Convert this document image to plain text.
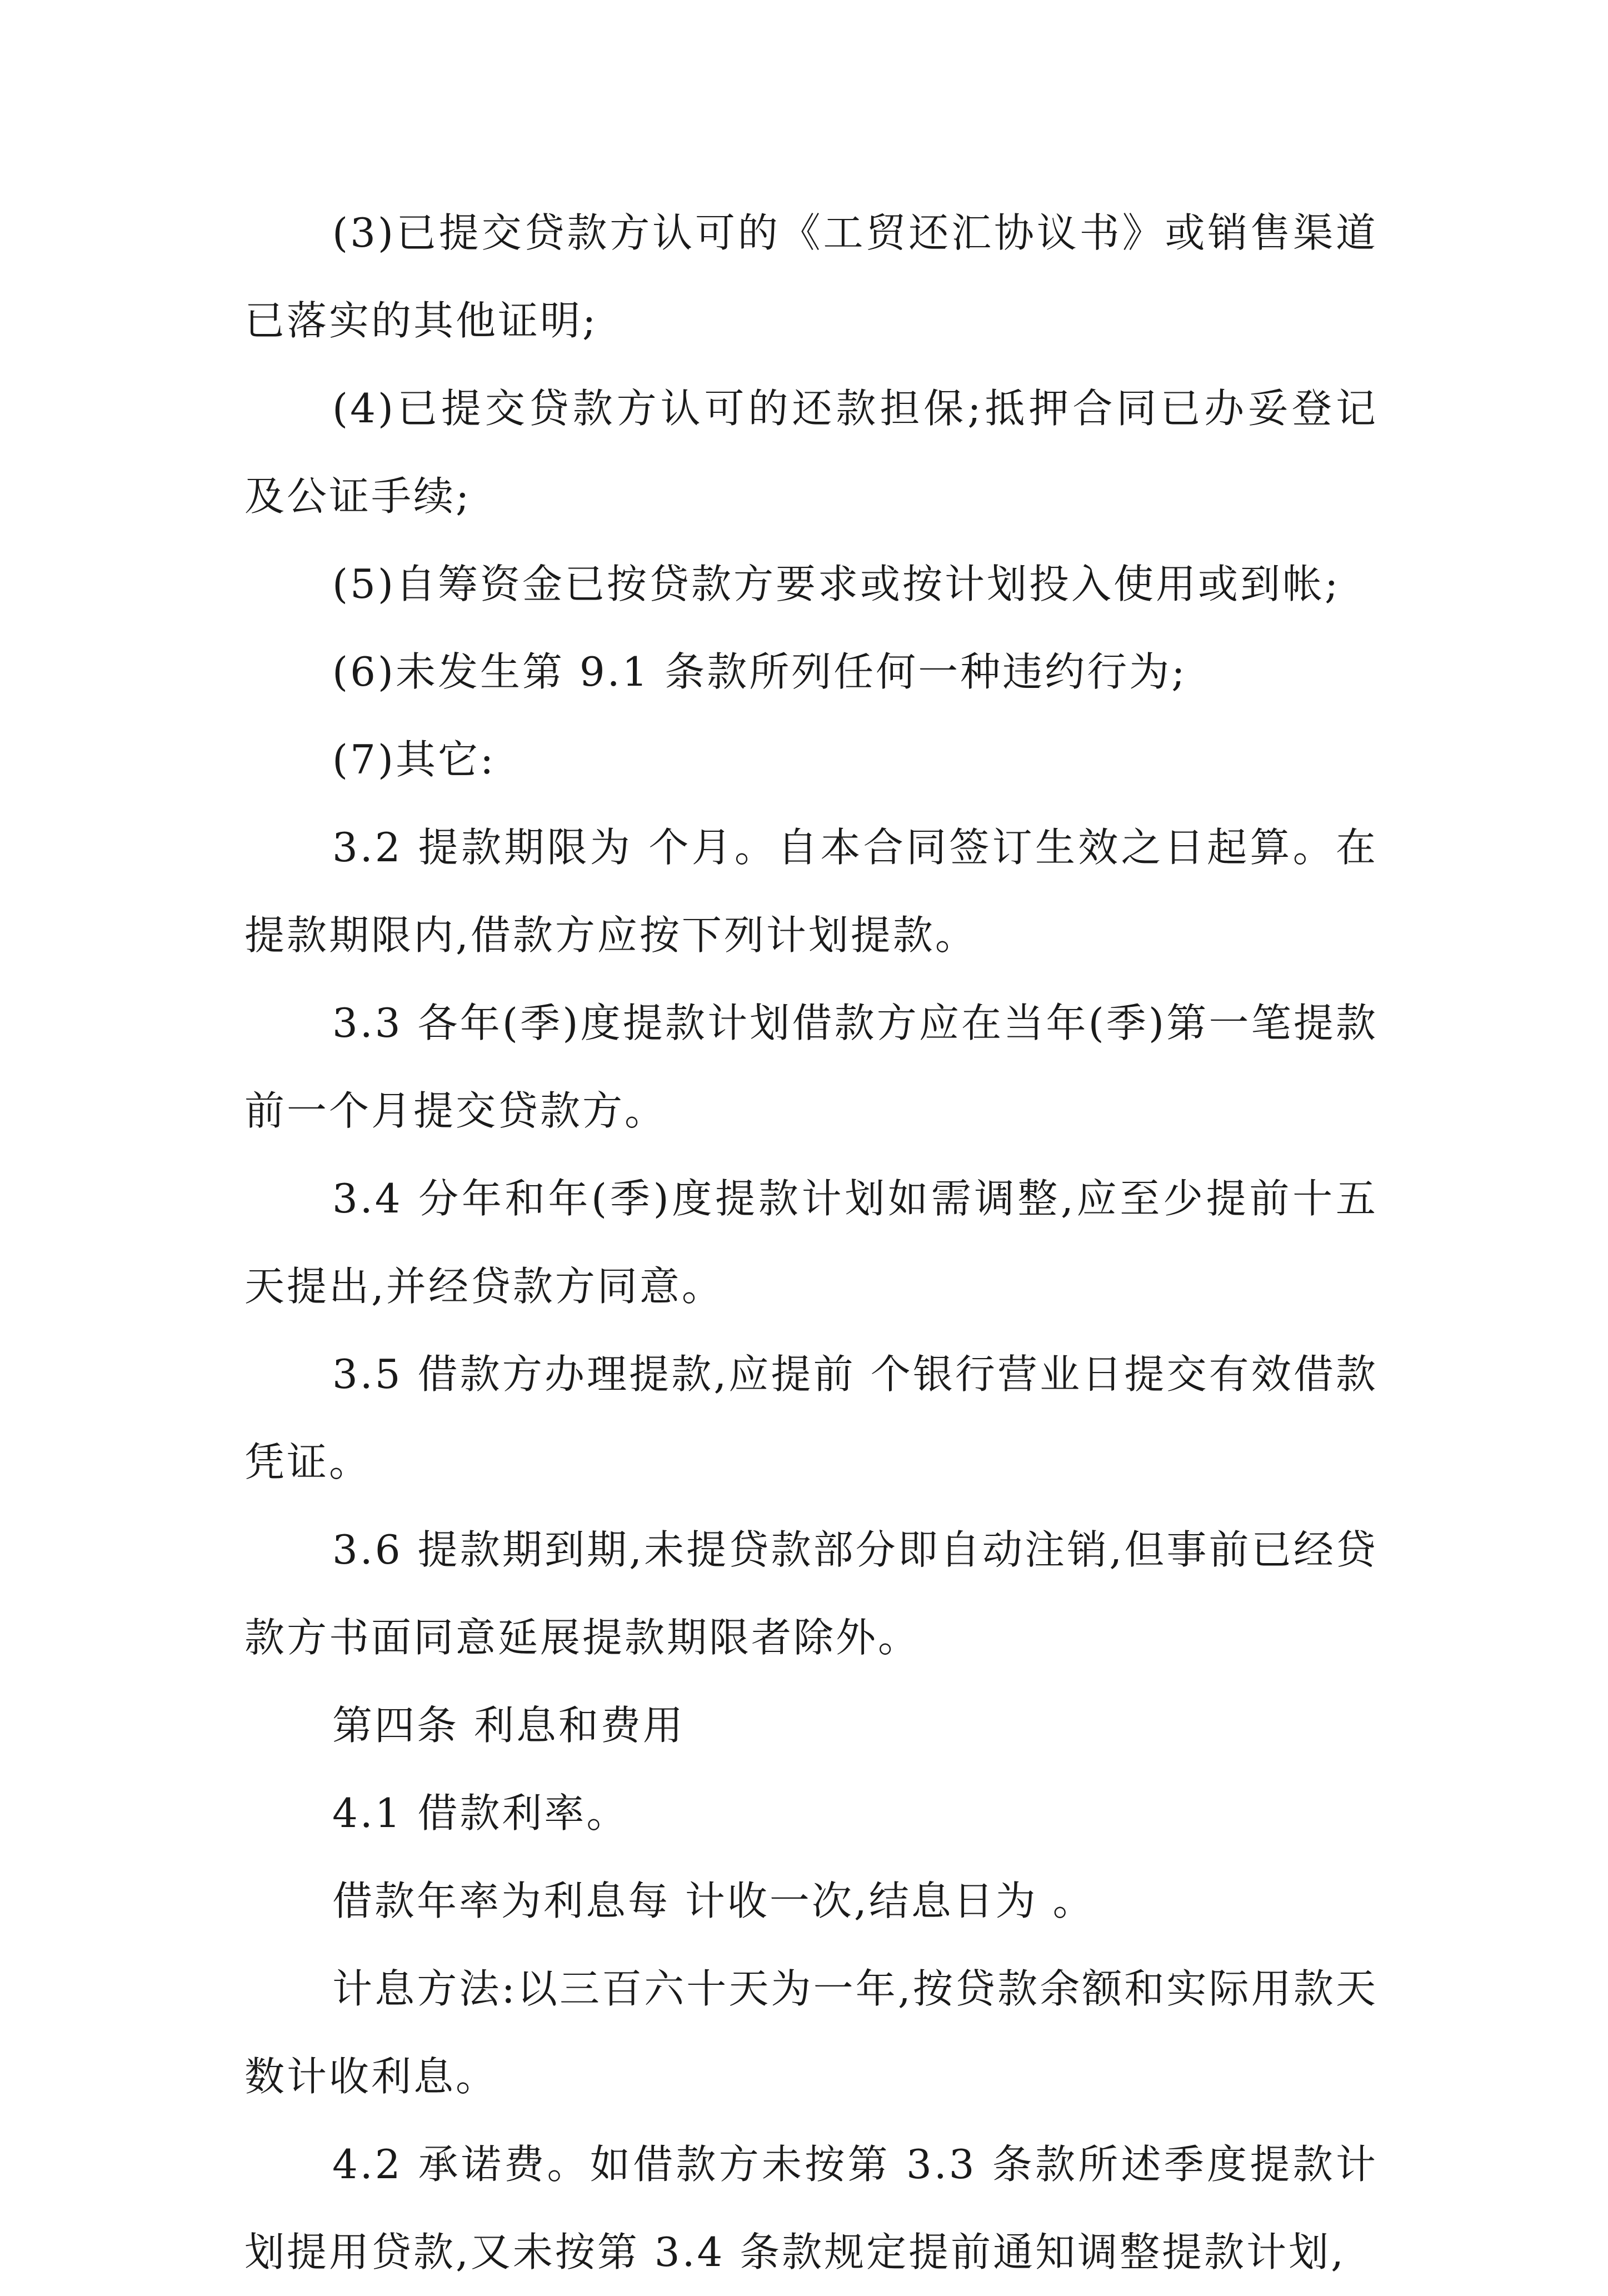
(3)已提交贷款方认可的《工贸还汇协议书》或销售渠道已落实的其他证明;

(4)已提交贷款方认可的还款担保;抵押合同已办妥登记及公证手续;

(5)自筹资金已按贷款方要求或按计划投入使用或到帐;

(6)未发生第 9.1 条款所列任何一种违约行为;

(7)其它:

3.2 提款期限为 个月。自本合同签订生效之日起算。在提款期限内,借款方应按下列计划提款。

3.3 各年(季)度提款计划借款方应在当年(季)第一笔提款前一个月提交贷款方。

3.4 分年和年(季)度提款计划如需调整,应至少提前十五天提出,并经贷款方同意。

3.5 借款方办理提款,应提前 个银行营业日提交有效借款凭证。

3.6 提款期到期,未提贷款部分即自动注销,但事前已经贷款方书面同意延展提款期限者除外。

第四条 利息和费用

4.1 借款利率。

借款年率为利息每 计收一次,结息日为 。

计息方法:以三百六十天为一年,按贷款余额和实际用款天数计收利息。

4.2 承诺费。如借款方未按第 3.3 条款所述季度提款计划提用贷款,又未按第 3.4 条款规定提前通知调整提款计划,
